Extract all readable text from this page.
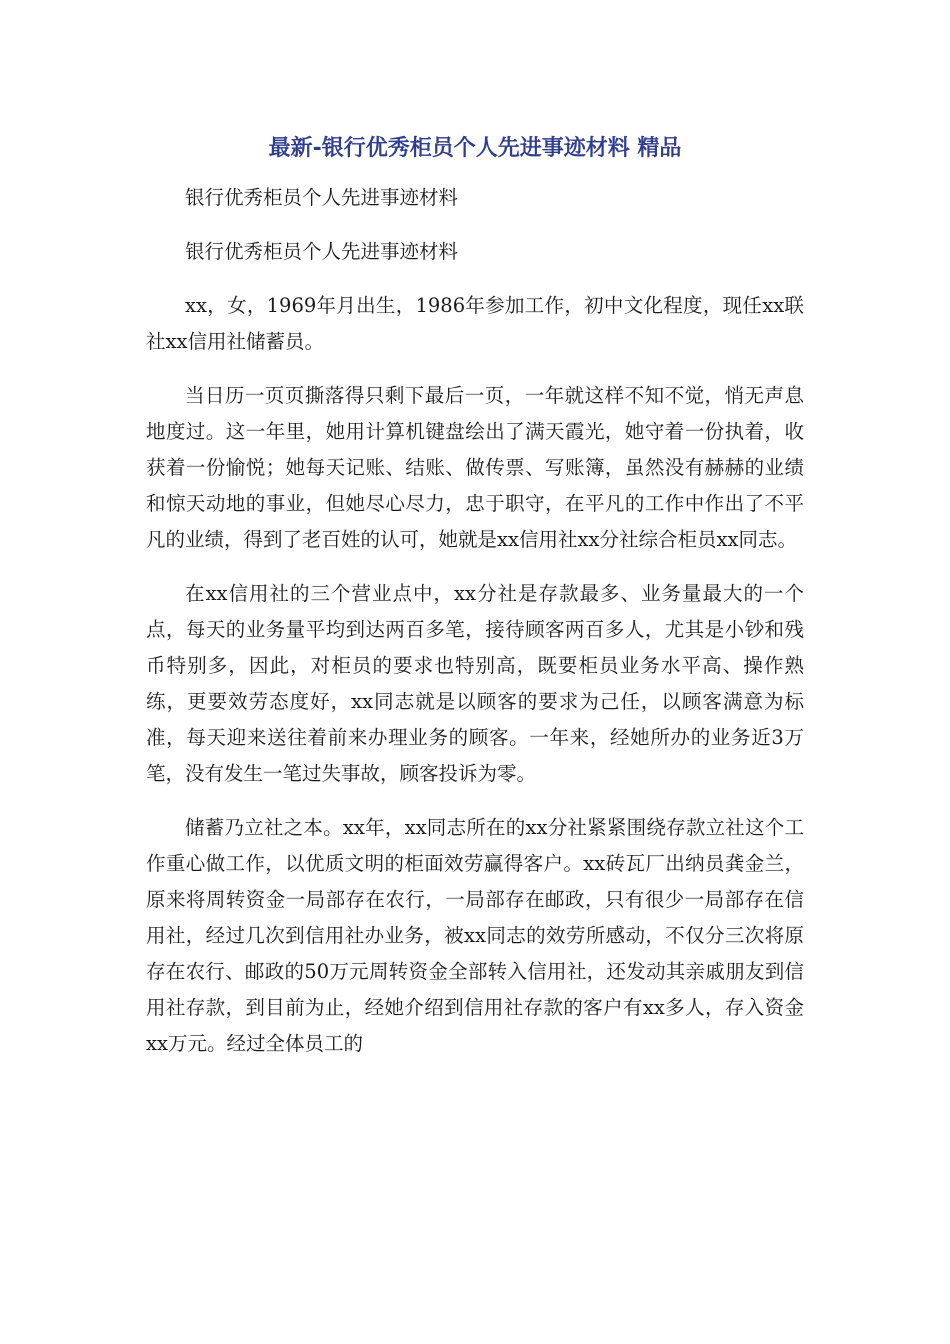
最新-银行优秀柜员个人先进事迹材料 精品

银行优秀柜员个人先进事迹材料

银行优秀柜员个人先进事迹材料

xx，女，1969年月出生，1986年参加工作，初中文化程度，现任xx联社xx信用社储蓄员。

当日历一页页撕落得只剩下最后一页，一年就这样不知不觉，悄无声息地度过。这一年里，她用计算机键盘绘出了满天霞光，她守着一份执着，收获着一份愉悦；她每天记账、结账、做传票、写账簿，虽然没有赫赫的业绩和惊天动地的事业，但她尽心尽力，忠于职守，在平凡的工作中作出了不平凡的业绩，得到了老百姓的认可，她就是xx信用社xx分社综合柜员xx同志。

在xx信用社的三个营业点中，xx分社是存款最多、业务量最大的一个点，每天的业务量平均到达两百多笔，接待顾客两百多人，尤其是小钞和残币特别多，因此，对柜员的要求也特别高，既要柜员业务水平高、操作熟练，更要效劳态度好，xx同志就是以顾客的要求为己任，以顾客满意为标准，每天迎来送往着前来办理业务的顾客。一年来，经她所办的业务近3万笔，没有发生一笔过失事故，顾客投诉为零。

储蓄乃立社之本。xx年，xx同志所在的xx分社紧紧围绕存款立社这个工作重心做工作，以优质文明的柜面效劳赢得客户。xx砖瓦厂出纳员龚金兰，原来将周转资金一局部存在农行，一局部存在邮政，只有很少一局部存在信用社，经过几次到信用社办业务，被xx同志的效劳所感动，不仅分三次将原存在农行、邮政的50万元周转资金全部转入信用社，还发动其亲戚朋友到信用社存款，到目前为止，经她介绍到信用社存款的客户有xx多人，存入资金xx万元。经过全体员工的
